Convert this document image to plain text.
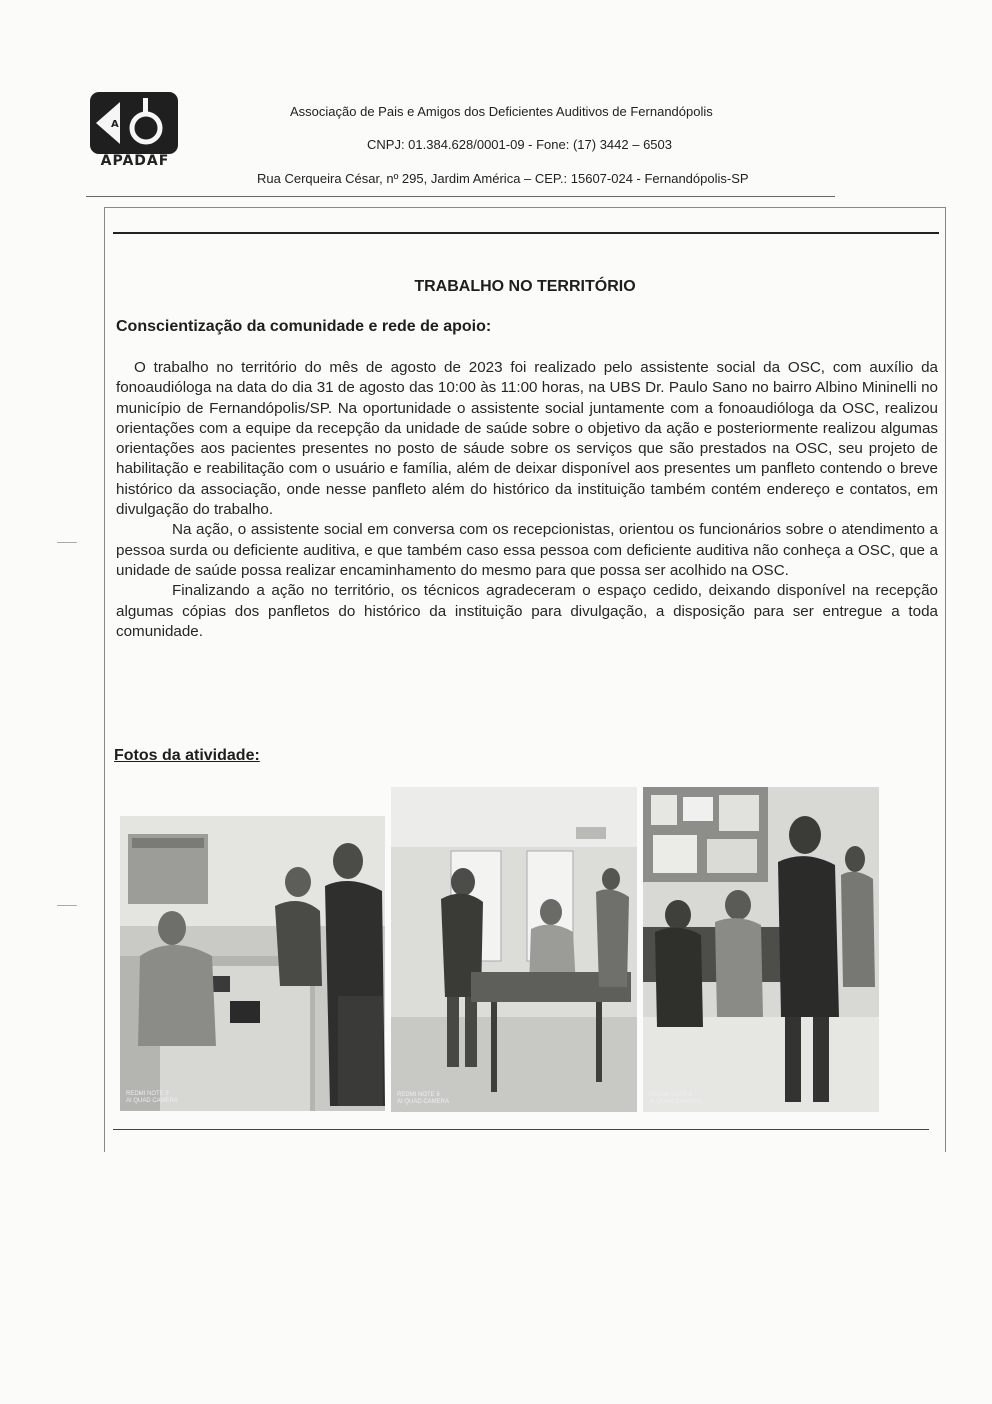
A
APADAF
Associação de Pais e Amigos dos Deficientes Auditivos de Fernandópolis
CNPJ: 01.384.628/0001-09 - Fone: (17) 3442 – 6503
Rua Cerqueira César, nº 295, Jardim América – CEP.: 15607-024 - Fernandópolis-SP
TRABALHO NO TERRITÓRIO
Conscientização da comunidade e rede de apoio:

O trabalho no território do mês de agosto de 2023 foi realizado pelo assistente social da OSC, com auxílio da fonoaudióloga na data do dia 31 de agosto das 10:00 às 11:00 horas, na UBS Dr. Paulo Sano no bairro Albino Mininelli no município de Fernandópolis/SP. Na oportunidade o assistente social juntamente com a fonoaudióloga da OSC, realizou orientações com a equipe da recepção da unidade de saúde sobre o objetivo da ação e posteriormente realizou algumas orientações aos pacientes presentes no posto de sáude sobre os serviços que são prestados na OSC, seu projeto de habilitação e reabilitação com o usuário e família, além de deixar disponível aos presentes um panfleto contendo o breve histórico da associação, onde nesse panfleto além do histórico da instituição também contém endereço e contatos, em divulgação do trabalho.

Na ação, o assistente social em conversa com os recepcionistas, orientou os funcionários sobre o atendimento a pessoa surda ou deficiente auditiva, e que também caso essa pessoa com deficiente auditiva não conheça a OSC, que a unidade de saúde possa realizar encaminhamento do mesmo para que possa ser acolhido na OSC.

Finalizando a ação no território, os técnicos agradeceram o espaço cedido, deixando disponível na recepção algumas cópias dos panfletos do histórico da instituição para divulgação, a disposição para ser entregue a toda comunidade.

Fotos da atividade:
REDMI NOTE 9
AI QUAD CAMERA
REDMI NOTE 9
AI QUAD CAMERA
REDMI NOTE 9
AI QUAD CAMERA
